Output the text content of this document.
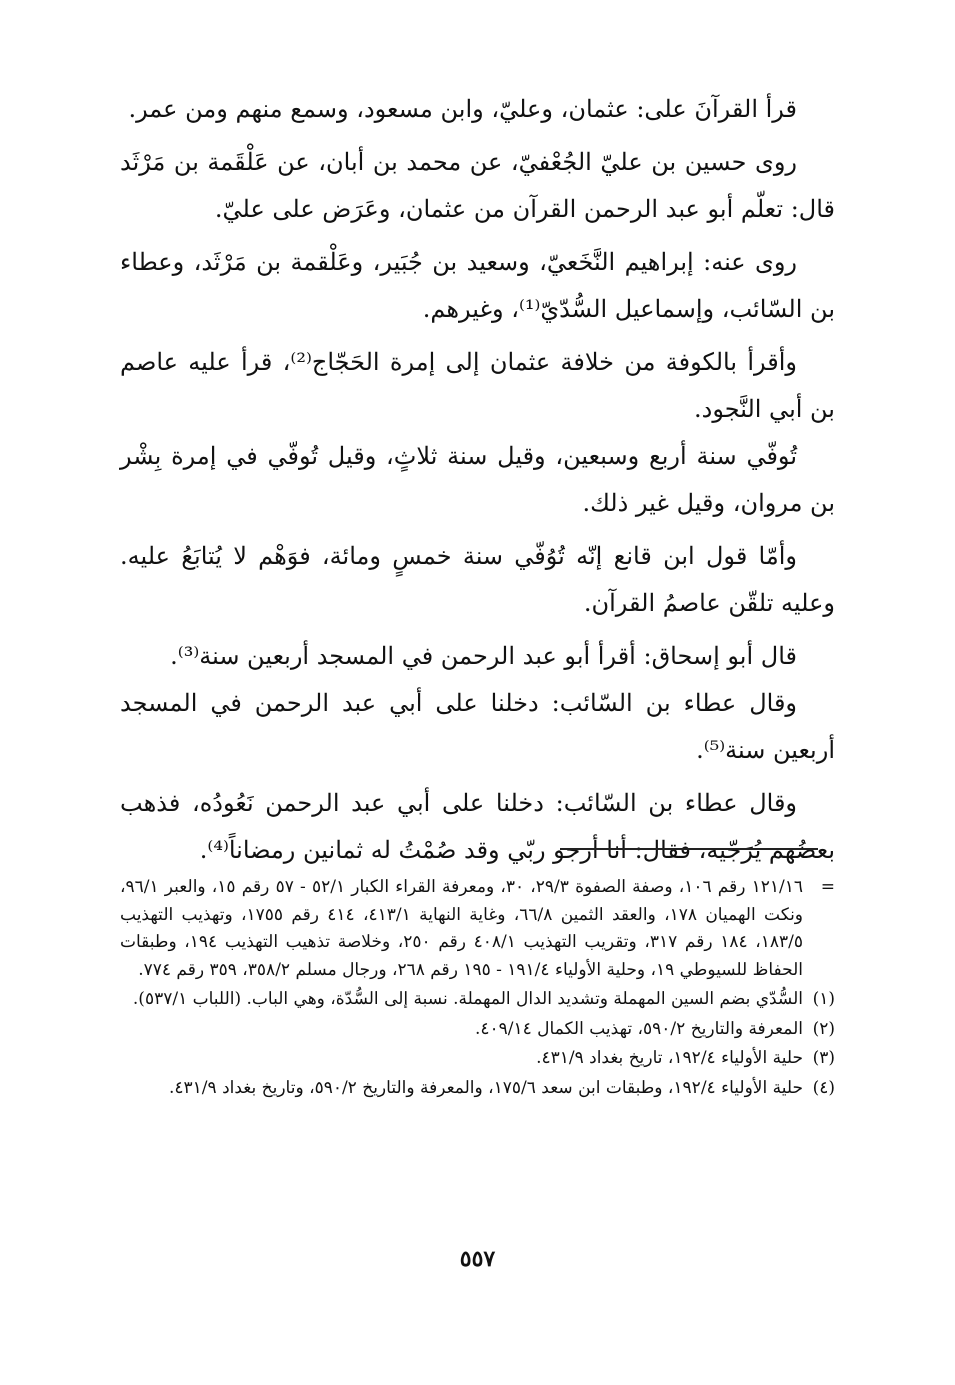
قرأ القرآنَ على: عثمان، وعليّ، وابن مسعود، وسمع منهم ومن عمر.

روى حسين بن عليّ الجُعْفيّ، عن محمد بن أبان، عن عَلْقَمة بن مَرْثَد قال: تعلّم أبو عبد الرحمن القرآن من عثمان، وعَرَض على عليّ.

روى عنه: إبراهيم النَّخَعيّ، وسعيد بن جُبَير، وعَلْقمة بن مَرْثَد، وعطاء بن السّائب، وإسماعيل السُّدّيّ⁽¹⁾، وغيرهم.

وأقرأ بالكوفة من خلافة عثمان إلى إمرة الحَجّاج⁽²⁾، قرأ عليه عاصم بن أبي النَّجود.

تُوفّي سنة أربع وسبعين، وقيل سنة ثلاثٍ، وقيل تُوفّي في إمرة بِشْر بن مروان، وقيل غير ذلك.

وأمّا قول ابن قانع إنّه تُوُفّي سنة خمسٍ ومائة، فوَهْم لا يُتابَعُ عليه. وعليه تلقّن عاصمُ القرآن.

قال أبو إسحاق: أقرأ أبو عبد الرحمن في المسجد أربعين سنة⁽³⁾.

وقال عطاء بن السّائب: دخلنا على أبي عبد الرحمن في المسجد أربعين سنة⁽⁵⁾.

وقال عطاء بن السّائب: دخلنا على أبي عبد الرحمن نَعُودُه، فذهب بعضُهم يُرَجّيه، فقال: أنا أرجو ربّي وقد صُمْتُ له ثمانين رمضاناً⁽⁴⁾.

=
١٢١/١٦ رقم ١٠٦، وصفة الصفوة ٢٩/٣، ٣٠، ومعرفة القراء الكبار ٥٢/١ - ٥٧ رقم ١٥، والعبر ٩٦/١، ونكت الهميان ١٧٨، والعقد الثمين ٦٦/٨، وغاية النهاية ٤١٣/١، ٤١٤ رقم ١٧٥٥، وتهذيب التهذيب ١٨٣/٥، ١٨٤ رقم ٣١٧، وتقريب التهذيب ٤٠٨/١ رقم ٢٥٠، وخلاصة تذهيب التهذيب ١٩٤، وطبقات الحفاظ للسيوطي ١٩، وحلية الأولياء ١٩١/٤ - ١٩٥ رقم ٢٦٨، ورجال مسلم ٣٥٨/٢، ٣٥٩ رقم ٧٧٤.
(١)
السُّدّي بضم السين المهملة وتشديد الدال المهملة. نسبة إلى السُّدّة، وهي الباب. (اللباب ٥٣٧/١).
(٢)
المعرفة والتاريخ ٥٩٠/٢، تهذيب الكمال ٤٠٩/١٤.
(٣)
حلية الأولياء ١٩٢/٤، تاريخ بغداد ٤٣١/٩.
(٤)
حلية الأولياء ١٩٢/٤، وطبقات ابن سعد ١٧٥/٦، والمعرفة والتاريخ ٥٩٠/٢، وتاريخ بغداد ٤٣١/٩.
٥٥٧
